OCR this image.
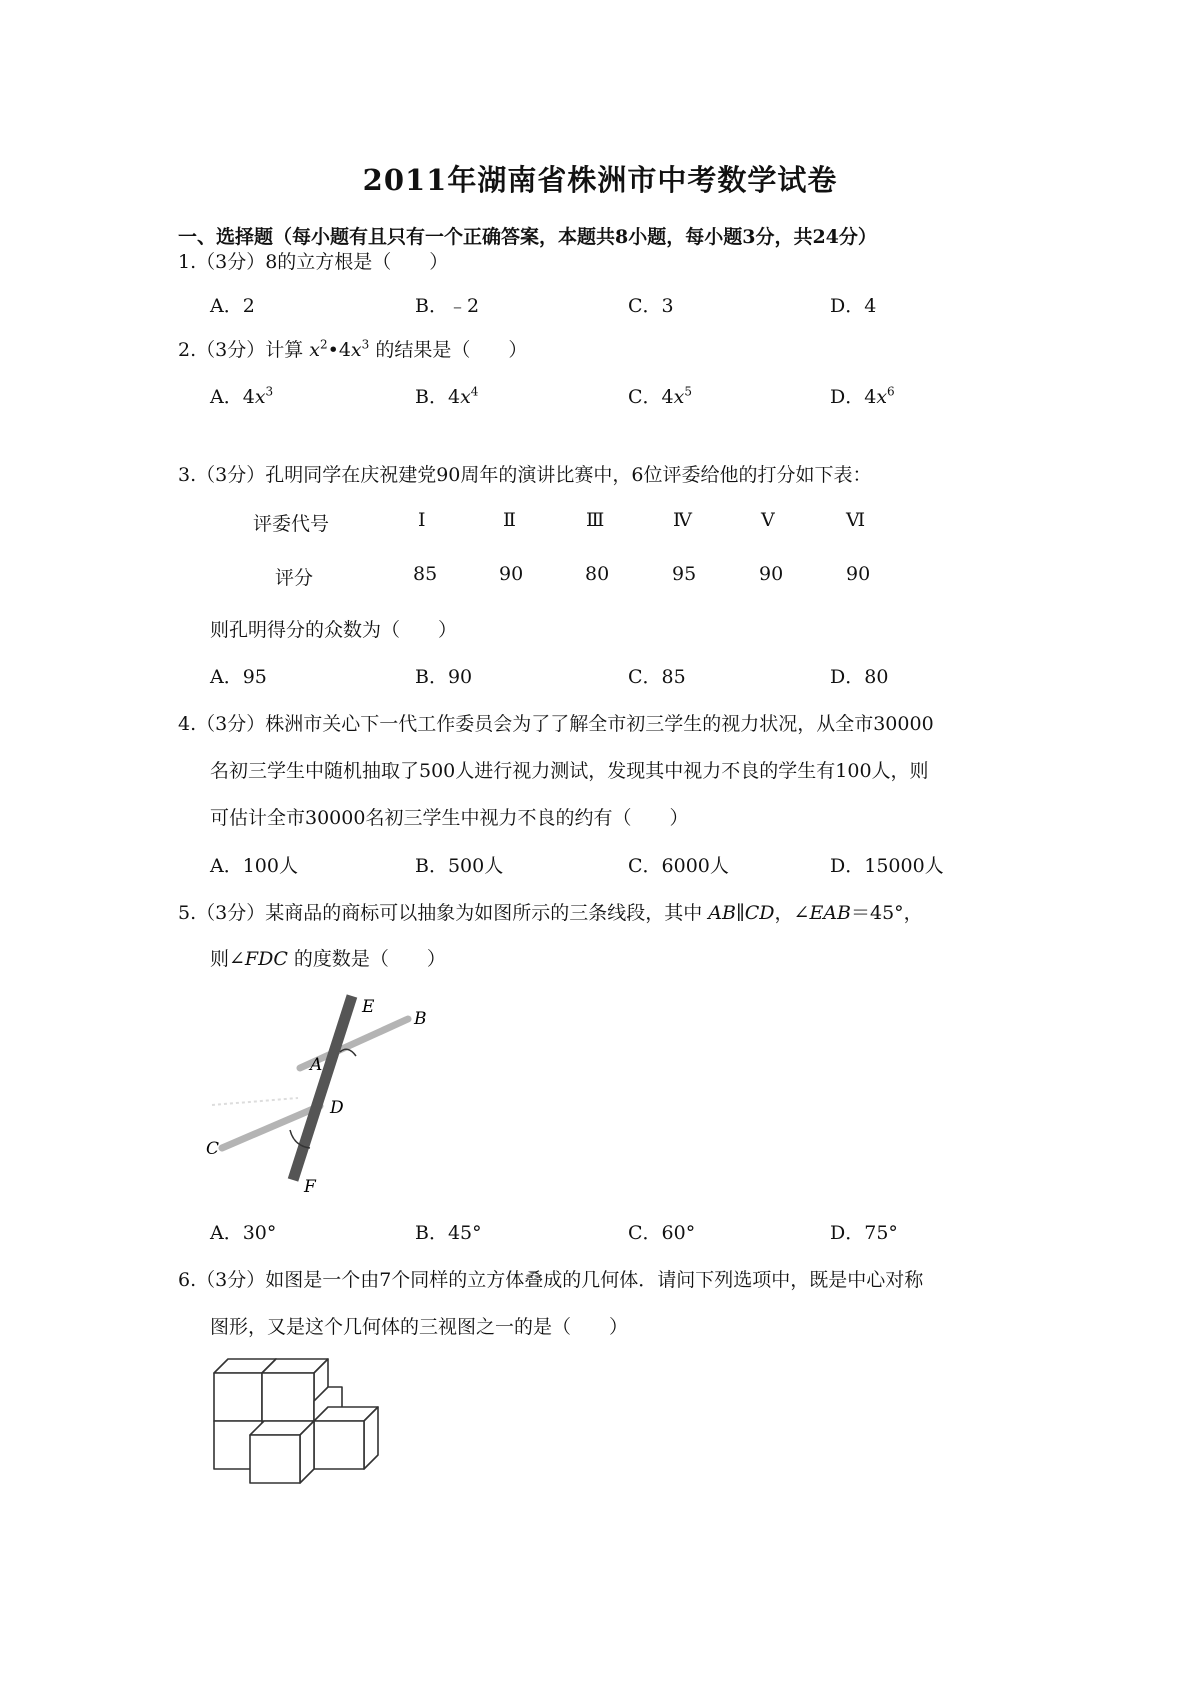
2011年湖南省株洲市中考数学试卷
一、选择题（每小题有且只有一个正确答案，本题共8小题，每小题3分，共24分）
1.（3分）8的立方根是（　　）
A．2	B．﹣2	C．3	D．4
2.（3分）计算 $x^2•4x^3$ 的结果是（　　）
A．$4x^3$	B．$4x^4$	C．$4x^5$	D．$4x^6$
3.（3分）孔明同学在庆祝建党90周年的演讲比赛中，6位评委给他的打分如下表：
评委代号	Ⅰ	Ⅱ	Ⅲ	Ⅳ	Ⅴ	Ⅵ
评分	85	90	80	95	90	90
则孔明得分的众数为（　　）
A．95	B．90	C．85	D．80
4.（3分）株洲市关心下一代工作委员会为了了解全市初三学生的视力状况，从全市30000
名初三学生中随机抽取了500人进行视力测试，发现其中视力不良的学生有100人，则
可估计全市30000名初三学生中视力不良的约有（　　）
A．100人	B．500人	C．6000人	D．15000人
5.（3分）某商品的商标可以抽象为如图所示的三条线段，其中 AB∥CD，∠EAB＝45°，
则∠FDC 的度数是（　　）
E
B
A
D
C
F
A．30°	B．45°	C．60°	D．75°
6.（3分）如图是一个由7个同样的立方体叠成的几何体．请问下列选项中，既是中心对称
图形，又是这个几何体的三视图之一的是（　　）
